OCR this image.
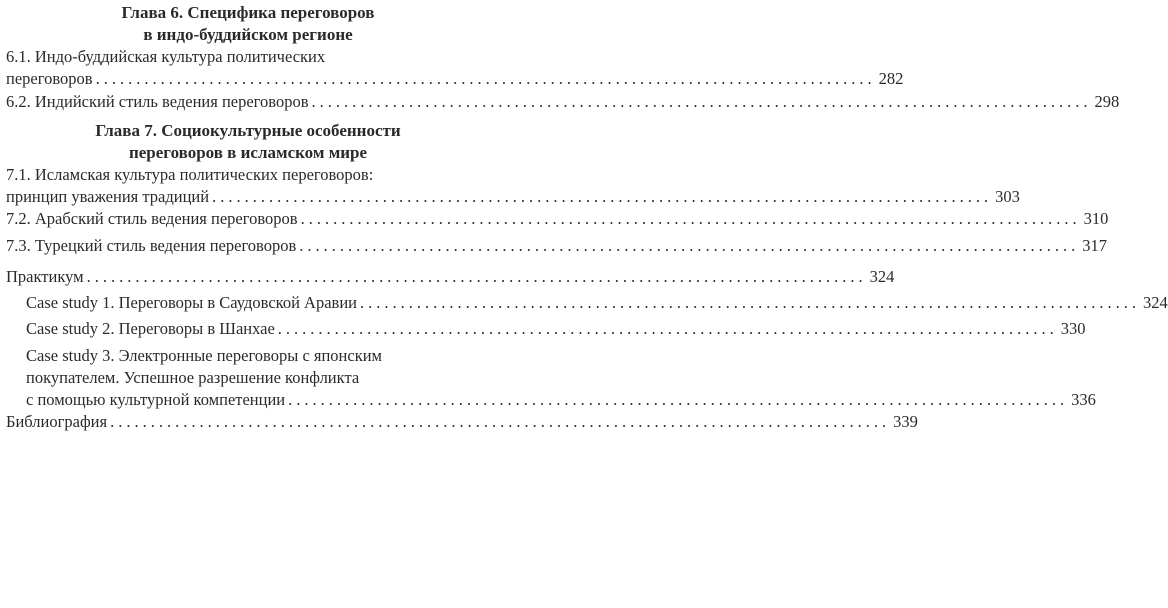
Глава 6. Специфика переговоров
в индо-буддийском регионе
6.1. Индо-буддийская культура политических
переговоров ................................................................................................ 282
6.2. Индийский стиль ведения переговоров ................................................................................................ 298
Глава 7. Социокультурные особенности
переговоров в исламском мире
7.1. Исламская культура политических переговоров:
принцип уважения традиций ................................................................................................ 303
7.2. Арабский стиль ведения переговоров ................................................................................................ 310
7.3. Турецкий стиль ведения переговоров ................................................................................................ 317
Практикум ................................................................................................ 324
Case study 1. Переговоры в Саудовской Аравии ................................................................................................ 324
Case study 2. Переговоры в Шанхае ................................................................................................ 330
Case study 3. Электронные переговоры с японским
покупателем. Успешное разрешение конфликта
с помощью культурной компетенции ................................................................................................ 336
Библиография ................................................................................................ 339
